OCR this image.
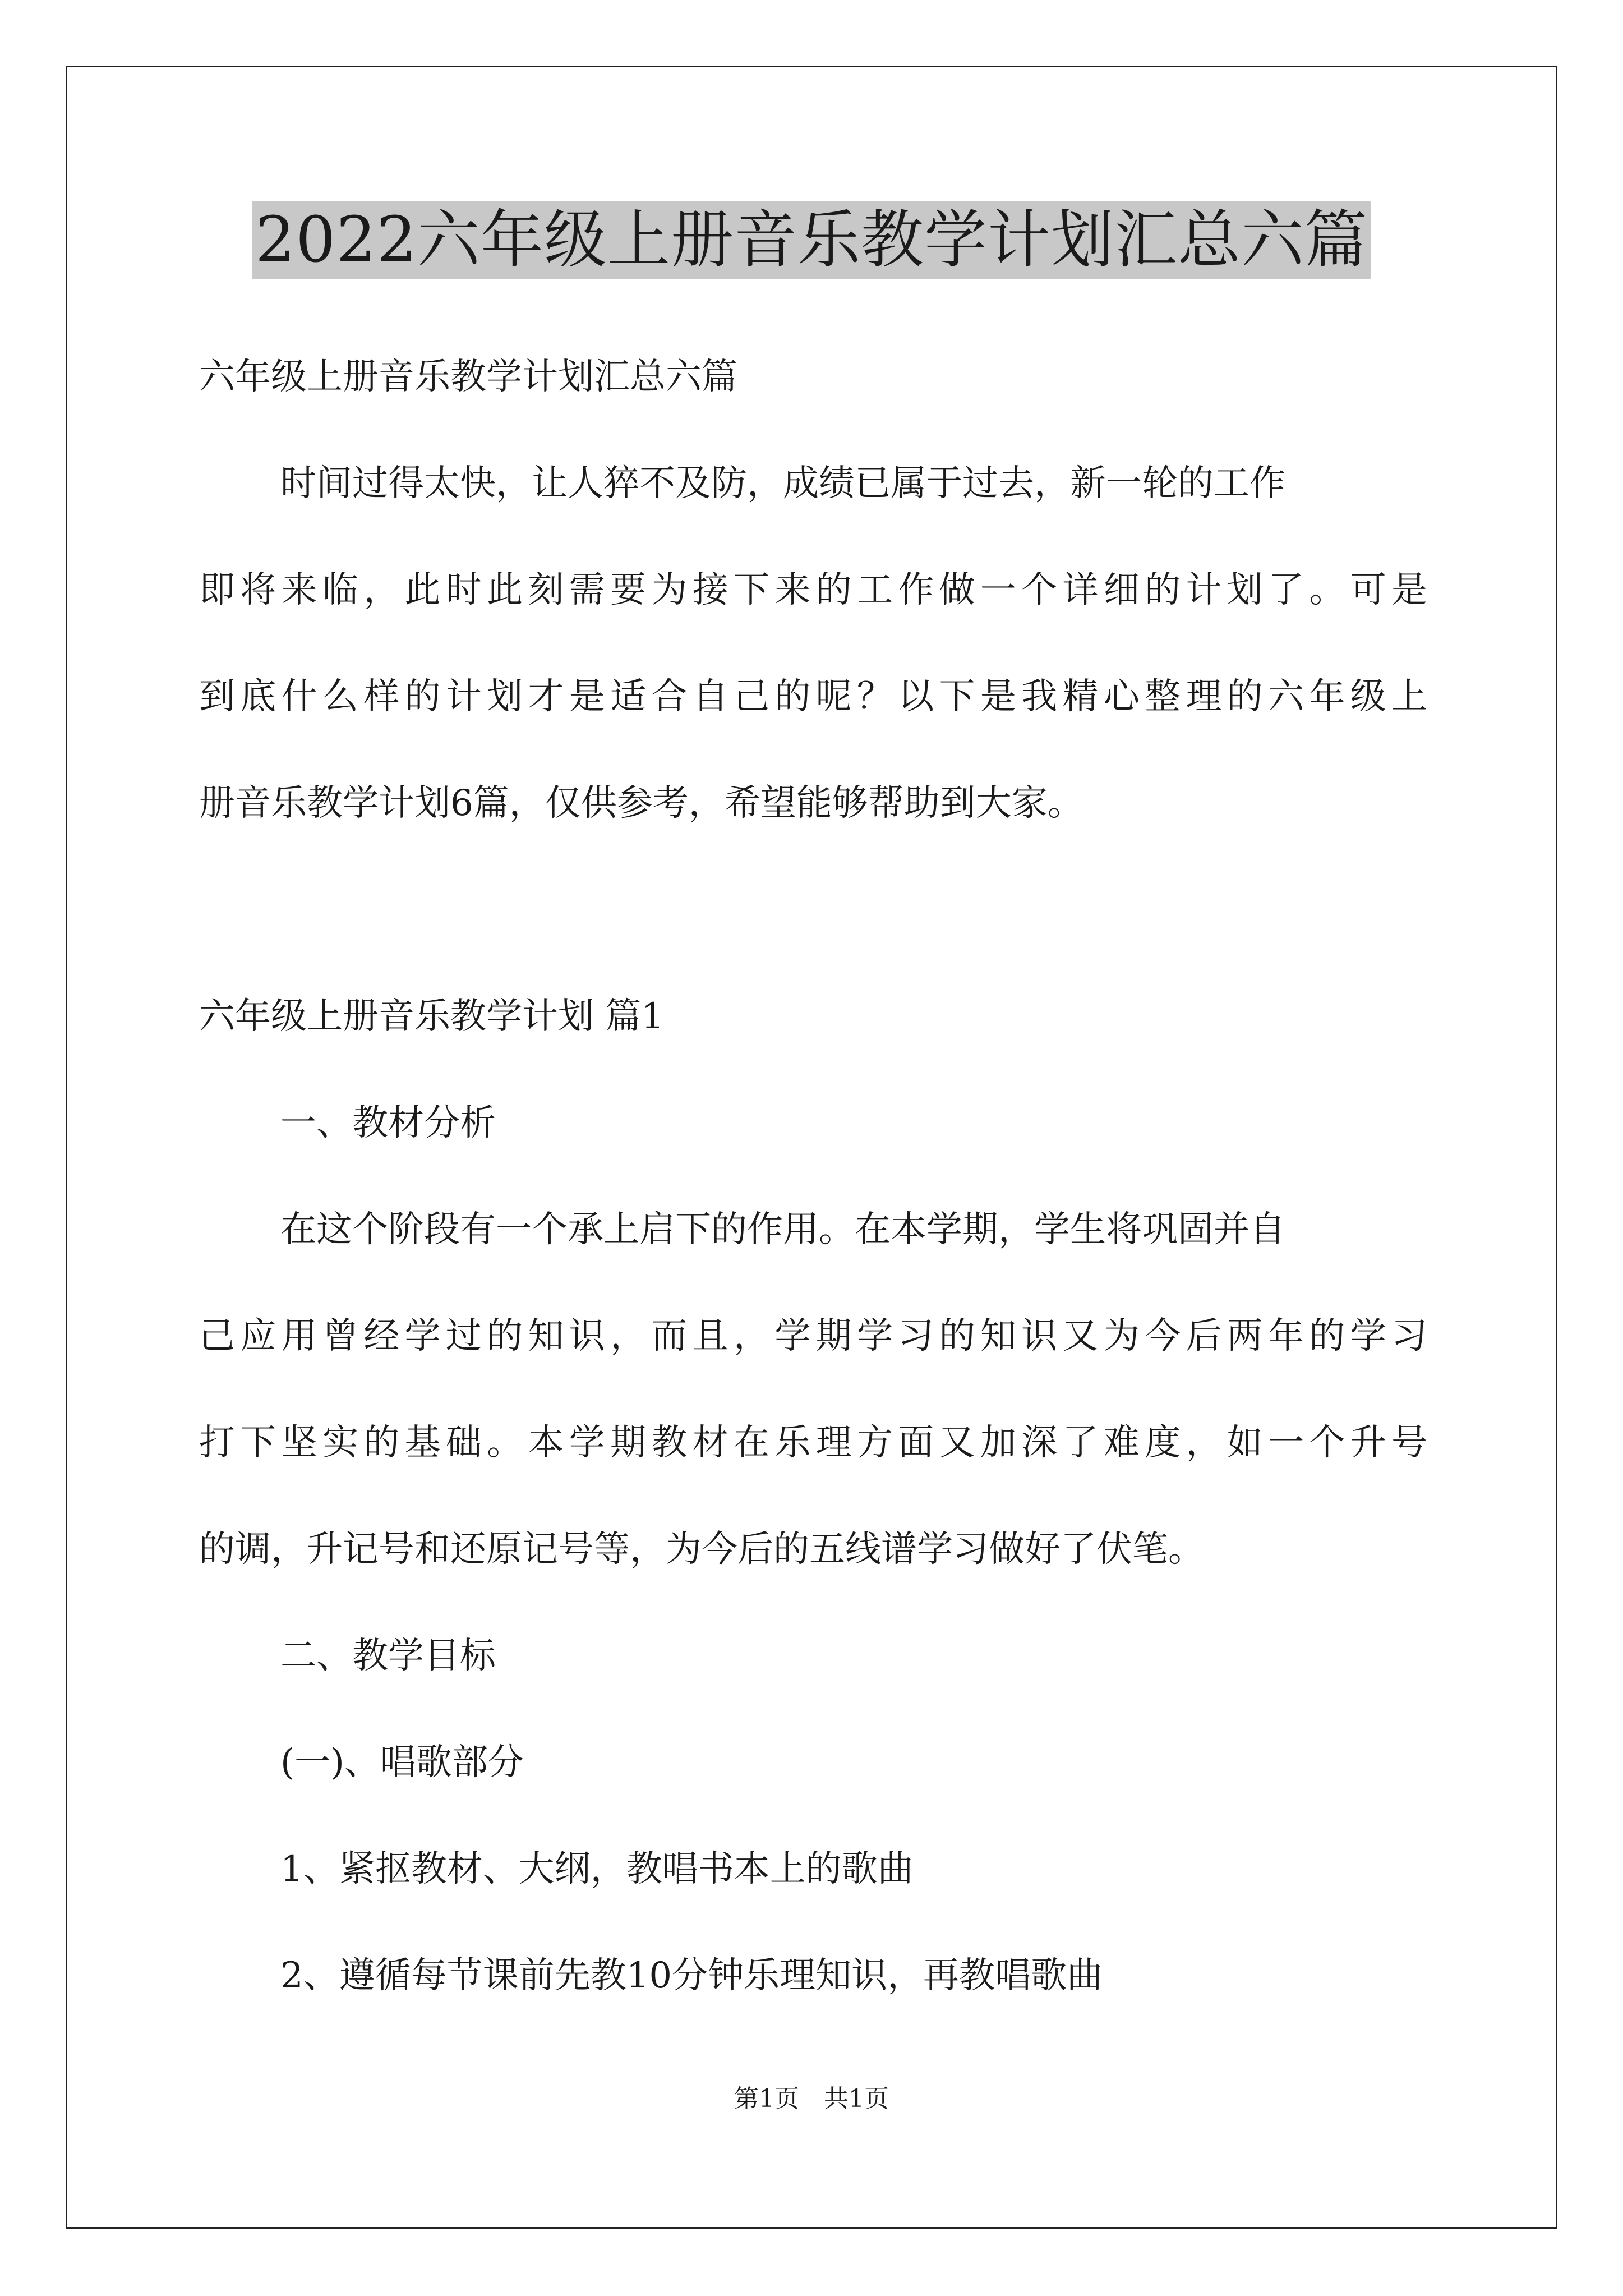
2022六年级上册音乐教学计划汇总六篇
六年级上册音乐教学计划汇总六篇
时间过得太快，让人猝不及防，成绩已属于过去，新一轮的工作
即将来临，此时此刻需要为接下来的工作做一个详细的计划了。可是
到底什么样的计划才是适合自己的呢？以下是我精心整理的六年级上
册音乐教学计划6篇，仅供参考，希望能够帮助到大家。
六年级上册音乐教学计划 篇1
一、教材分析
在这个阶段有一个承上启下的作用。在本学期，学生将巩固并自
己应用曾经学过的知识，而且，学期学习的知识又为今后两年的学习
打下坚实的基础。本学期教材在乐理方面又加深了难度，如一个升号
的调，升记号和还原记号等，为今后的五线谱学习做好了伏笔。
二、教学目标
(一)、唱歌部分
1、紧抠教材、大纲，教唱书本上的歌曲
2、遵循每节课前先教10分钟乐理知识，再教唱歌曲
第1页　共1页
